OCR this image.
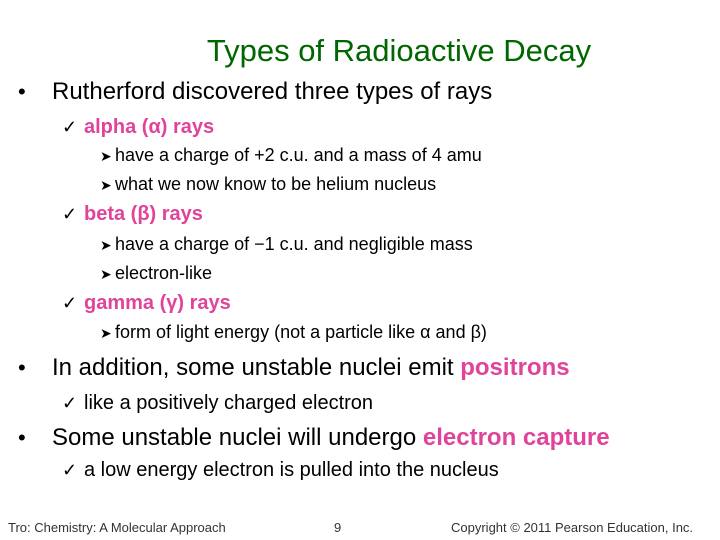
Types of Radioactive Decay
• Rutherford discovered three types of rays
✓ alpha (α) rays
➤ have a charge of +2 c.u. and a mass of 4 amu
➤ what we now know to be helium nucleus
✓ beta (β) rays
➤ have a charge of −1 c.u. and negligible mass
➤ electron-like
✓ gamma (γ) rays
➤ form of light energy (not a particle like α and β)
• In addition, some unstable nuclei emit positrons
✓ like a positively charged electron
• Some unstable nuclei will undergo electron capture
✓ a low energy electron is pulled into the nucleus
Tro: Chemistry: A Molecular Approach	9	Copyright © 2011 Pearson Education, Inc.
